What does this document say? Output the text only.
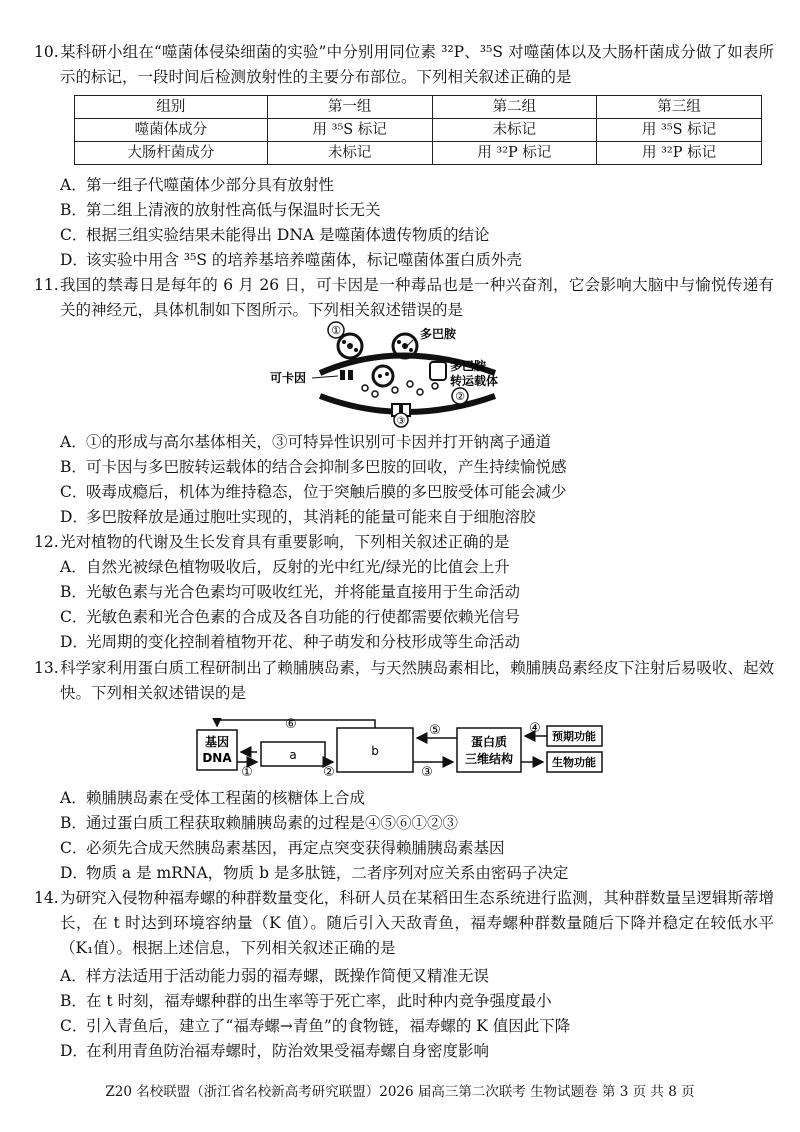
10. 某科研小组在“噬菌体侵染细菌的实验”中分别用同位素 ³²P、³⁵S 对噬菌体以及大肠杆菌成分做了如表所示的标记，一段时间后检测放射性的主要分布部位。下列相关叙述正确的是
组别	第一组	第二组	第三组
噬菌体成分	用 ³⁵S 标记	未标记	用 ³⁵S 标记
大肠杆菌成分	未标记	用 ³²P 标记	用 ³²P 标记
A．第一组子代噬菌体少部分具有放射性
B．第二组上清液的放射性高低与保温时长无关
C．根据三组实验结果未能得出 DNA 是噬菌体遗传物质的结论
D．该实验中用含 ³⁵S 的培养基培养噬菌体，标记噬菌体蛋白质外壳
11. 我国的禁毒日是每年的 6 月 26 日，可卡因是一种毒品也是一种兴奋剂，它会影响大脑中与愉悦传递有关的神经元，具体机制如下图所示。下列相关叙述错误的是
①	多巴胺
多巴胺
转运载体
②
③
可卡因
A．①的形成与高尔基体相关，③可特异性识别可卡因并打开钠离子通道
B．可卡因与多巴胺转运载体的结合会抑制多巴胺的回收，产生持续愉悦感
C．吸毒成瘾后，机体为维持稳态，位于突触后膜的多巴胺受体可能会减少
D．多巴胺释放是通过胞吐实现的，其消耗的能量可能来自于细胞溶胶
12. 光对植物的代谢及生长发育具有重要影响，下列相关叙述正确的是
A．自然光被绿色植物吸收后，反射的光中红光/绿光的比值会上升
B．光敏色素与光合色素均可吸收红光，并将能量直接用于生命活动
C．光敏色素和光合色素的合成及各自功能的行使都需要依赖光信号
D．光周期的变化控制着植物开花、种子萌发和分枝形成等生命活动
13. 科学家利用蛋白质工程研制出了赖脯胰岛素，与天然胰岛素相比，赖脯胰岛素经皮下注射后易吸收、起效快。下列相关叙述错误的是
基因
DNA	a	b
蛋白质
三维结构
预期功能
生物功能
⑥
①	②	③
④
⑤
A．赖脯胰岛素在受体工程菌的核糖体上合成
B．通过蛋白质工程获取赖脯胰岛素的过程是④⑤⑥①②③
C．必须先合成天然胰岛素基因，再定点突变获得赖脯胰岛素基因
D．物质 a 是 mRNA，物质 b 是多肽链，二者序列对应关系由密码子决定
14. 为研究入侵物种福寿螺的种群数量变化，科研人员在某稻田生态系统进行监测，其种群数量呈逻辑斯蒂增长，在 t 时达到环境容纳量（K 值）。随后引入天敌青鱼，福寿螺种群数量随后下降并稳定在较低水平（K₁值）。根据上述信息，下列相关叙述正确的是
A．样方法适用于活动能力弱的福寿螺，既操作简便又精准无误
B．在 t 时刻，福寿螺种群的出生率等于死亡率，此时种内竞争强度最小
C．引入青鱼后，建立了“福寿螺→青鱼”的食物链，福寿螺的 K 值因此下降
D．在利用青鱼防治福寿螺时，防治效果受福寿螺自身密度影响
Z20 名校联盟（浙江省名校新高考研究联盟）2026 届高三第二次联考 生物试题卷 第 3 页 共 8 页
